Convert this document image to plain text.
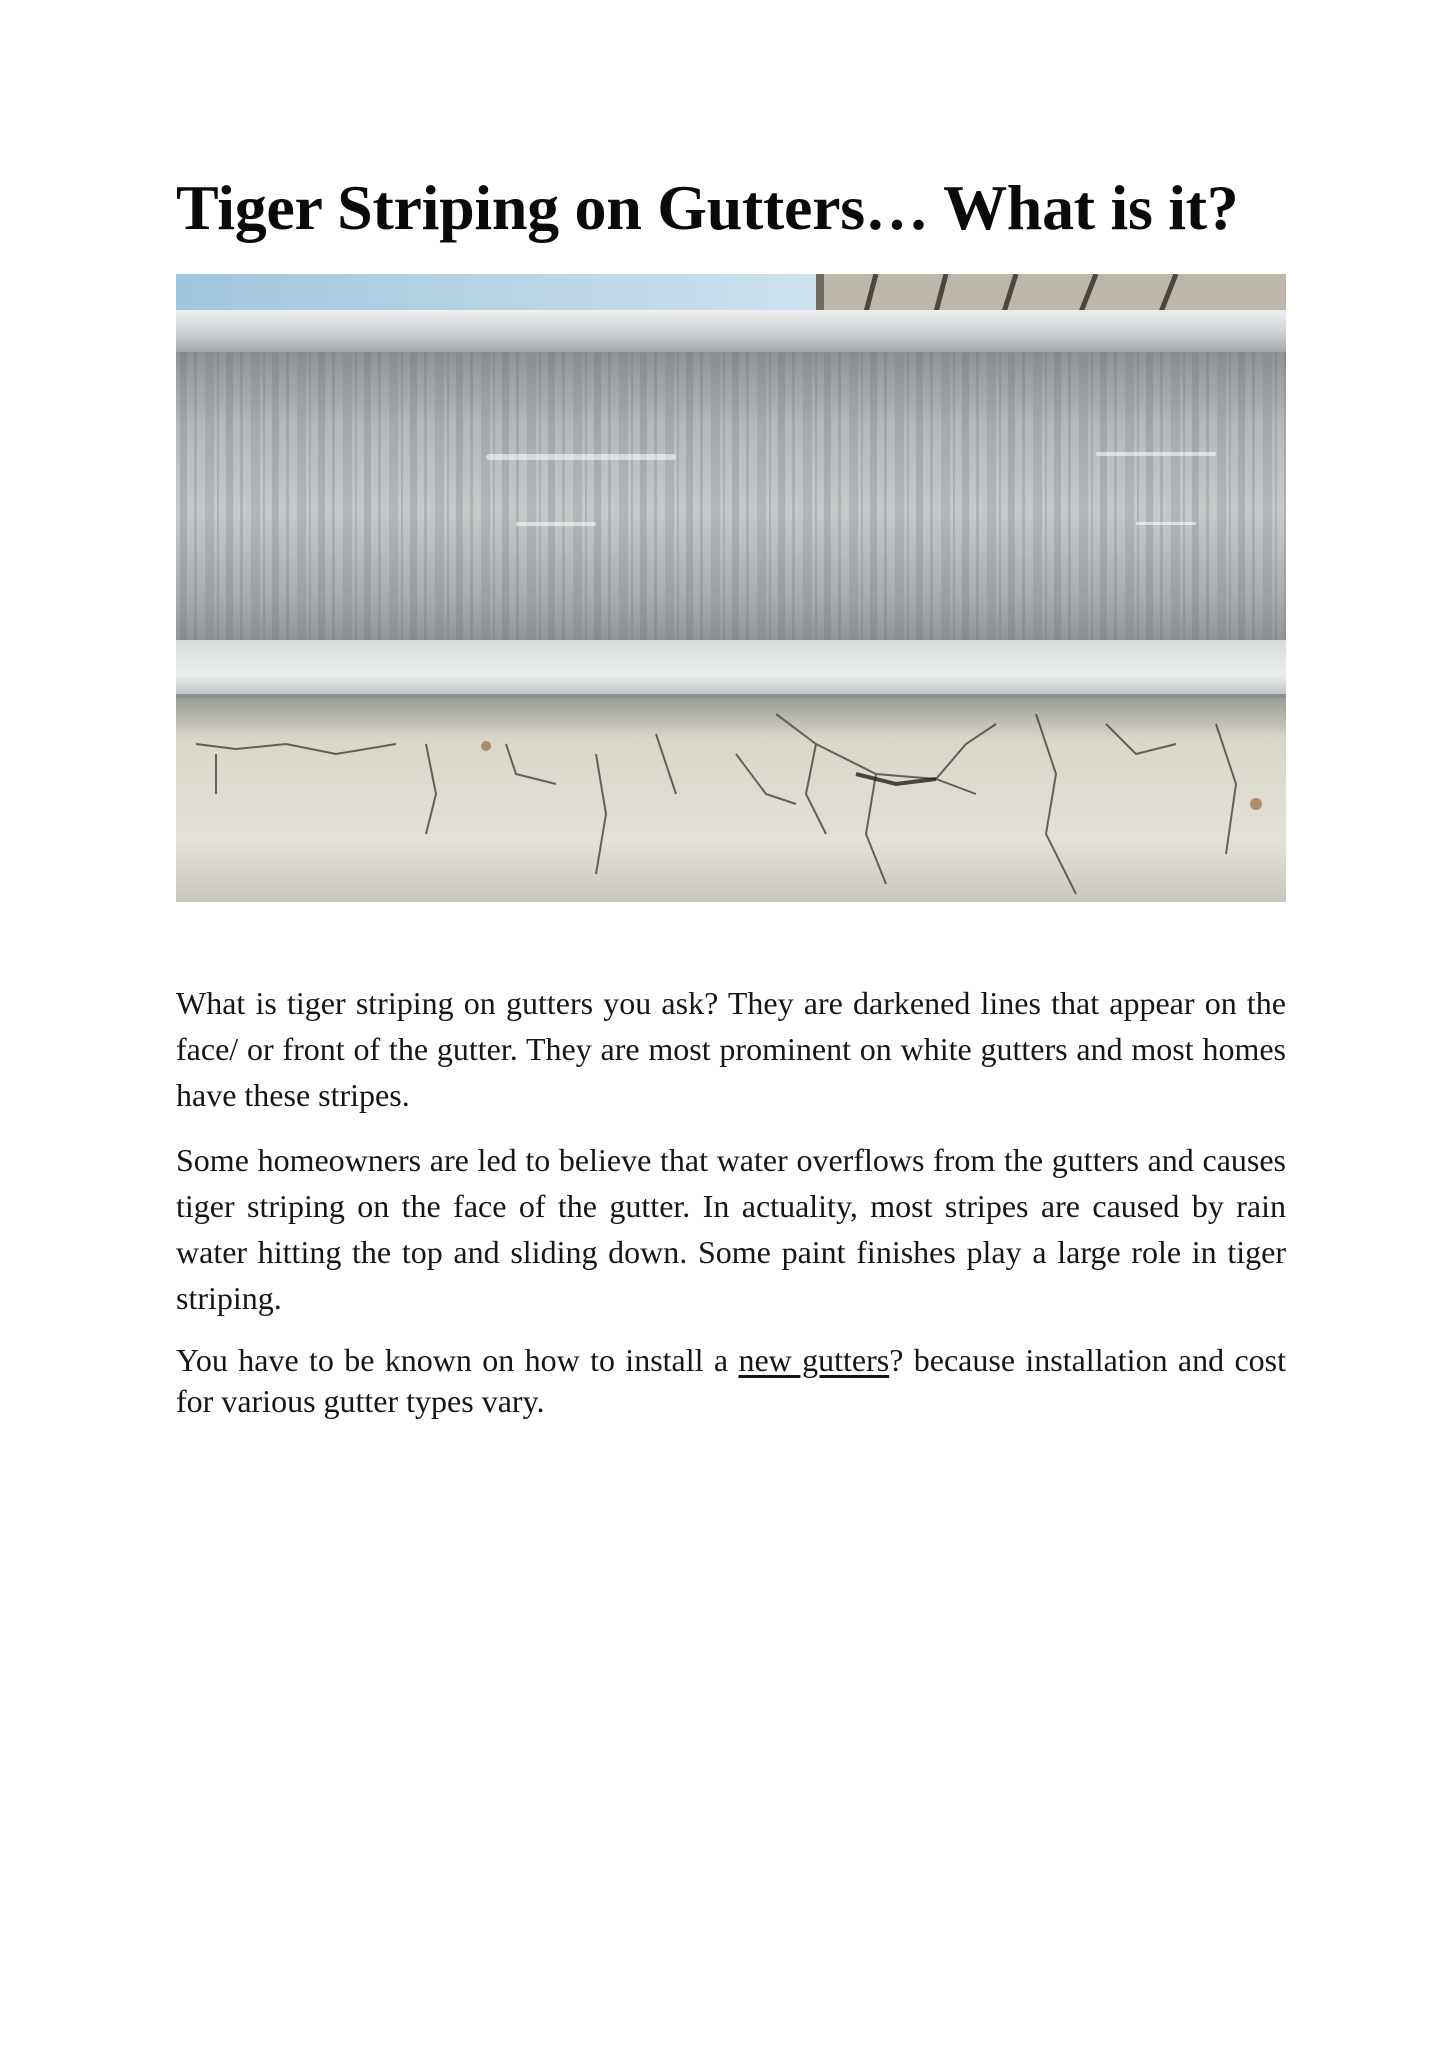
Tiger Striping on Gutters… What is it?

What is tiger striping on gutters you ask? They are darkened lines that appear on the face/ or front of the gutter. They are most prominent on white gutters and most homes have these stripes.

Some homeowners are led to believe that water overflows from the gutters and causes tiger striping on the face of the gutter. In actuality, most stripes are caused by rain water hitting the top and sliding down. Some paint finishes play a large role in tiger striping.

You have to be known on how to install a new gutters? because installation and cost for various gutter types vary.
